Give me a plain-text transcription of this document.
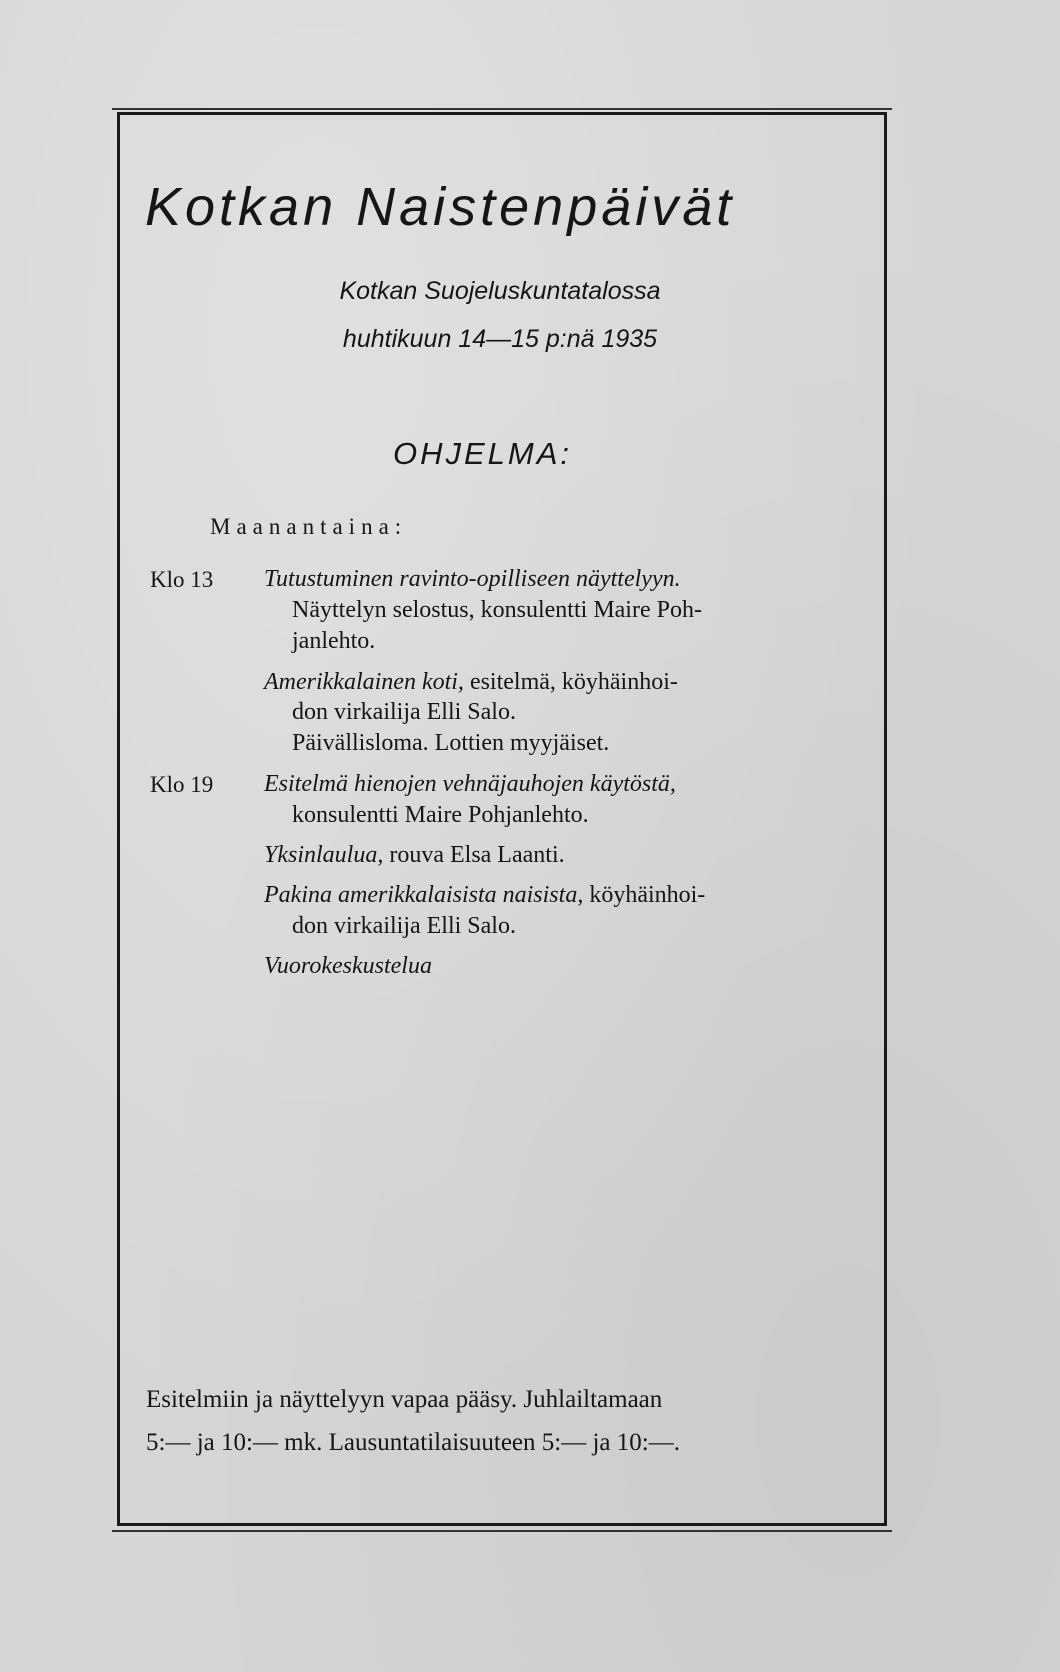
Kotkan Naistenpäivät
Kotkan Suojeluskuntatalossa
huhtikuun 14—15 p:nä 1935
OHJELMA:
Maanantaina:
Klo 13 Tutustuminen ravinto-opilliseen näyttelyyn.
Näyttelyn selostus, konsulentti Maire Poh-
janlehto.
Amerikkalainen koti, esitelmä, köyhäinhoi-
don virkailija Elli Salo.
Päivällisloma. Lottien myyjäiset.
Klo 19 Esitelmä hienojen vehnäjauhojen käytöstä,
konsulentti Maire Pohjanlehto.
Yksinlaulua, rouva Elsa Laanti.
Pakina amerikkalaisista naisista, köyhäinhoi-
don virkailija Elli Salo.
Vuorokeskustelua
Esitelmiin ja näyttelyyn vapaa pääsy. Juhlailtamaan
5:— ja 10:— mk. Lausuntatilaisuuteen 5:— ja 10:—.
